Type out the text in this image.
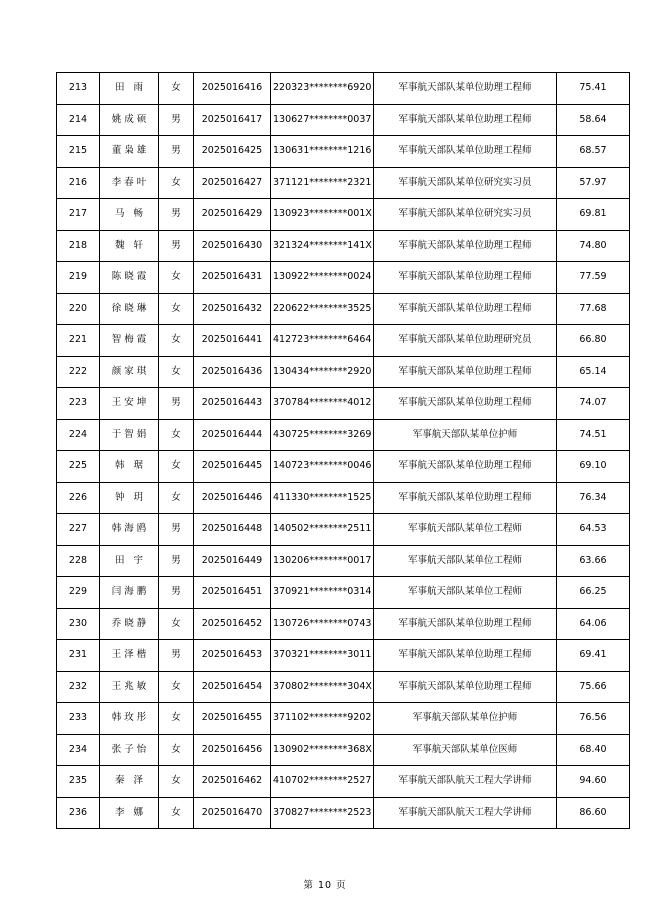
213	田 雨	女	2025016416	220323********6920	军事航天部队某单位助理工程师	75.41
214	姚成硕	男	2025016417	130627********0037	军事航天部队某单位助理工程师	58.64
215	董枭雄	男	2025016425	130631********1216	军事航天部队某单位助理工程师	68.57
216	李春叶	女	2025016427	371121********2321	军事航天部队某单位研究实习员	57.97
217	马 畅	男	2025016429	130923********001X	军事航天部队某单位研究实习员	69.81
218	魏 轩	男	2025016430	321324********141X	军事航天部队某单位助理工程师	74.80
219	陈晓霞	女	2025016431	130922********0024	军事航天部队某单位助理工程师	77.59
220	徐晓琳	女	2025016432	220622********3525	军事航天部队某单位助理工程师	77.68
221	智梅霞	女	2025016441	412723********6464	军事航天部队某单位助理研究员	66.80
222	颜家琪	女	2025016436	130434********2920	军事航天部队某单位助理工程师	65.14
223	王安坤	男	2025016443	370784********4012	军事航天部队某单位助理工程师	74.07
224	于智娟	女	2025016444	430725********3269	军事航天部队某单位护师	74.51
225	韩 琚	女	2025016445	140723********0046	军事航天部队某单位助理工程师	69.10
226	钟 玥	女	2025016446	411330********1525	军事航天部队某单位助理工程师	76.34
227	韩海鸥	男	2025016448	140502********2511	军事航天部队某单位工程师	64.53
228	田 宇	男	2025016449	130206********0017	军事航天部队某单位工程师	63.66
229	闫海鹏	男	2025016451	370921********0314	军事航天部队某单位工程师	66.25
230	乔晓静	女	2025016452	130726********0743	军事航天部队某单位助理工程师	64.06
231	王泽楷	男	2025016453	370321********3011	军事航天部队某单位助理工程师	69.41
232	王兆敏	女	2025016454	370802********304X	军事航天部队某单位助理工程师	75.66
233	韩玫彤	女	2025016455	371102********9202	军事航天部队某单位护师	76.56
234	张子怡	女	2025016456	130902********368X	军事航天部队某单位医师	68.40
235	秦 泽	女	2025016462	410702********2527	军事航天部队航天工程大学讲师	94.60
236	李 娜	女	2025016470	370827********2523	军事航天部队航天工程大学讲师	86.60
第 10 页
